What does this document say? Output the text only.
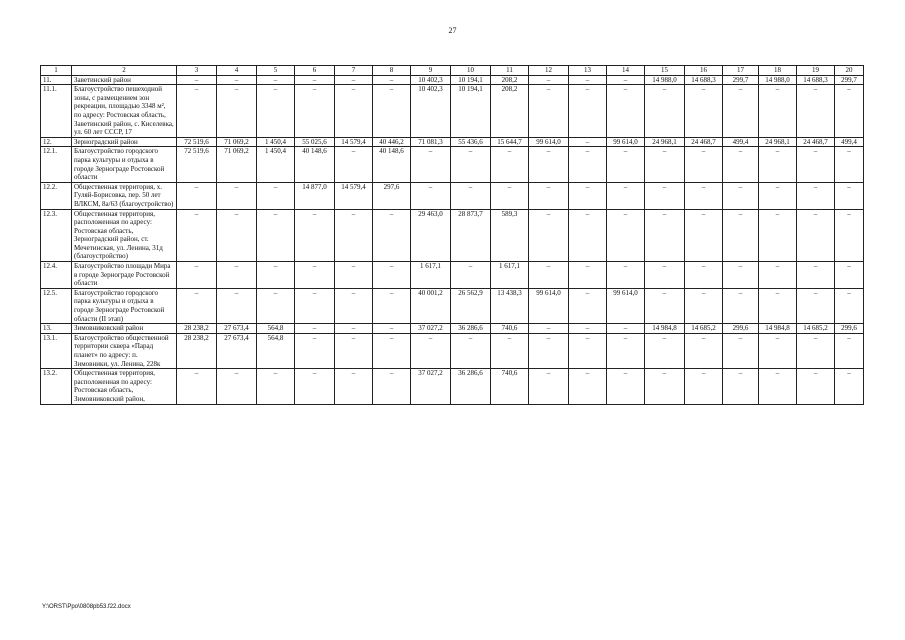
27
1	2	3	4	5	6	7	8	9	10	11	12	13	14	15	16	17	18	19	20
11.	Заветинский район	–	–	–	–	–	–	10 402,3	10 194,1	208,2	–	–	–	14 988,0	14 688,3	299,7	14 988,0	14 688,3	299,7
11.1.	Благоустройство пешеходной зоны, с размещением зон рекреации, площадью 3348 м², по адресу: Ростовская область, Заветинский район, с. Киселевка, ул. 60 лет СССР, 17	–	–	–	–	–	–	10 402,3	10 194,1	208,2	–	–	–	–	–	–	–	–	–
12.	Зерноградский район	72 519,6	71 069,2	1 450,4	55 025,6	14 579,4	40 446,2	71 081,3	55 436,6	15 644,7	99 614,0	–	99 614,0	24 968,1	24 468,7	499,4	24 968,1	24 468,7	499,4
12.1.	Благоустройство городского парка культуры и отдыха в городе Зернограде Ростовской области	72 519,6	71 069,2	1 450,4	40 148,6	–	40 148,6	–	–	–	–	–	–	–	–	–	–	–	–
12.2.	Общественная территория, х. Гуляй-Борисовка, пер. 50 лет ВЛКСМ, 8а/63 (благоустройство)	–	–	–	14 877,0	14 579,4	297,6	–	–	–	–	–	–	–	–	–	–	–	–
12.3.	Общественная территория, расположенная по адресу: Ростовская область, Зерноградский район, ст. Мечетинская, ул. Ленина, 31д (благоустройство)	–	–	–	–	–	–	29 463,0	28 873,7	589,3	–	–	–	–	–	–	–	–	–
12.4.	Благоустройство площади Мира в городе Зернограде Ростовской области	–	–	–	–	–	–	1 617,1	–	1 617,1	–	–	–	–	–	–	–	–	–
12.5.	Благоустройство городского парка культуры и отдыха в городе Зернограде Ростовской области (II этап)	–	–	–	–	–	–	40 001,2	26 562,9	13 438,3	99 614,0	–	99 614,0	–	–	–	–	–	–
13.	Зимовниковский район	28 238,2	27 673,4	564,8	–	–	–	37 027,2	36 286,6	740,6	–	–	–	14 984,8	14 685,2	299,6	14 984,8	14 685,2	299,6
13.1.	Благоустройство общественной территории сквера «Парад планет» по адресу: п. Зимовники, ул. Ленина, 228к	28 238,2	27 673,4	564,8	–	–	–	–	–	–	–	–	–	–	–	–	–	–	–
13.2.	Общественная территория, расположенная по адресу: Ростовская область, Зимовниковский район,	–	–	–	–	–	–	37 027,2	36 286,6	740,6	–	–	–	–	–	–	–	–	–
Y:\ORST\Ppo\0808pb53.f22.docx
